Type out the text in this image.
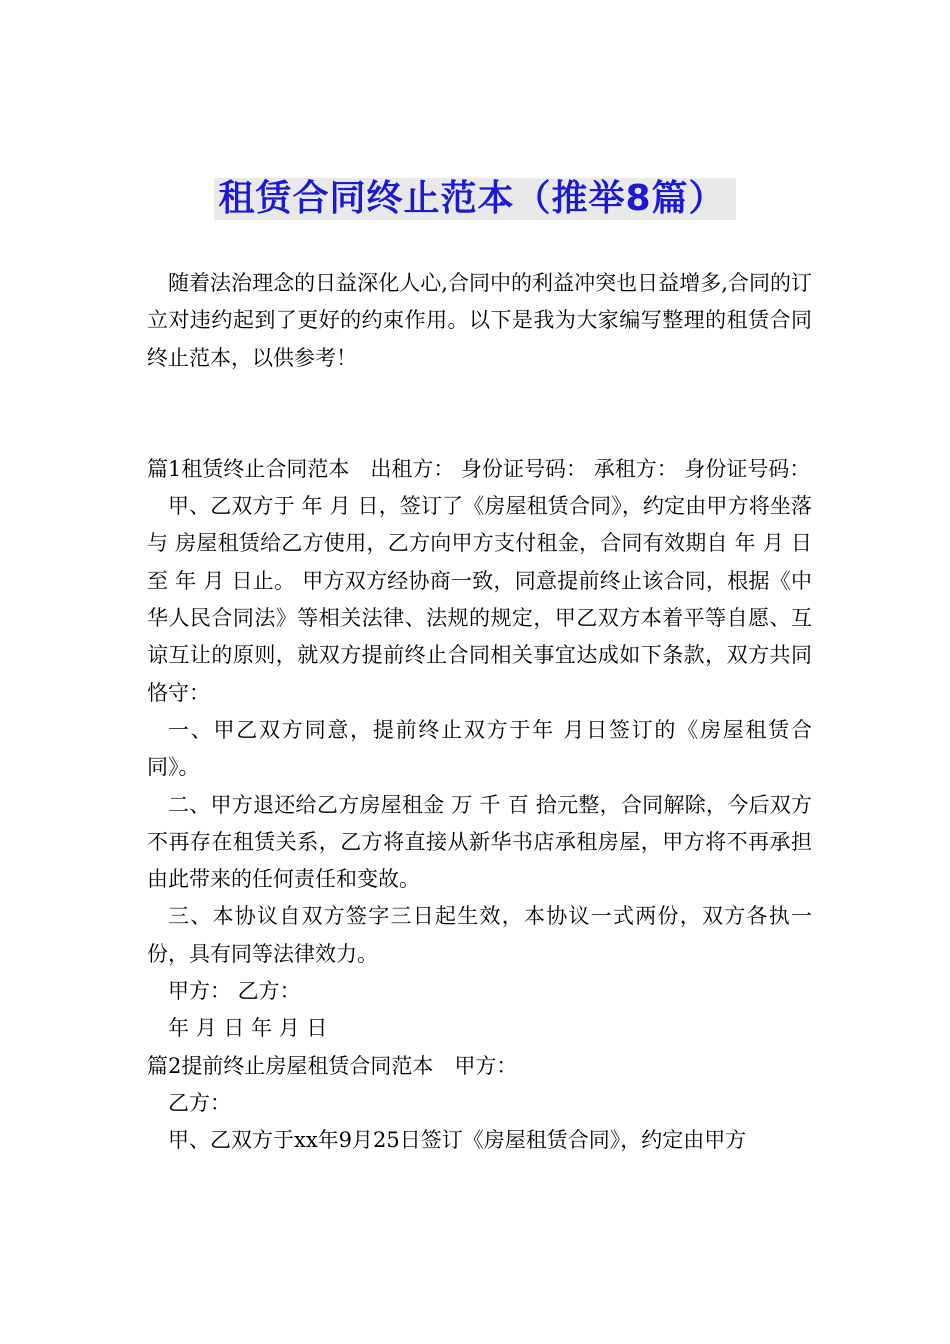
租赁合同终止范本（推举8篇）

随着法治理念的日益深化人心,合同中的利益冲突也日益增多,合同的订立对违约起到了更好的约束作用。以下是我为大家编写整理的租赁合同终止范本，以供参考！

篇1租赁终止合同范本　出租方： 身份证号码： 承租方： 身份证号码：

甲、乙双方于 年 月 日，签订了《房屋租赁合同》，约定由甲方将坐落与 房屋租赁给乙方使用，乙方向甲方支付租金，合同有效期自 年 月 日至 年 月 日止。 甲方双方经协商一致，同意提前终止该合同，根据《中华人民合同法》等相关法律、法规的规定，甲乙双方本着平等自愿、互谅互让的原则，就双方提前终止合同相关事宜达成如下条款，双方共同恪守：

一、甲乙双方同意，提前终止双方于年 月日签订的《房屋租赁合同》。

二、甲方退还给乙方房屋租金 万 千 百 拾元整，合同解除，今后双方不再存在租赁关系，乙方将直接从新华书店承租房屋，甲方将不再承担由此带来的任何责任和变故。

三、本协议自双方签字三日起生效，本协议一式两份，双方各执一份，具有同等法律效力。

甲方： 乙方：

年 月 日 年 月 日

篇2提前终止房屋租赁合同范本　甲方：

乙方：

甲、乙双方于xx年9月25日签订《房屋租赁合同》，约定由甲方
